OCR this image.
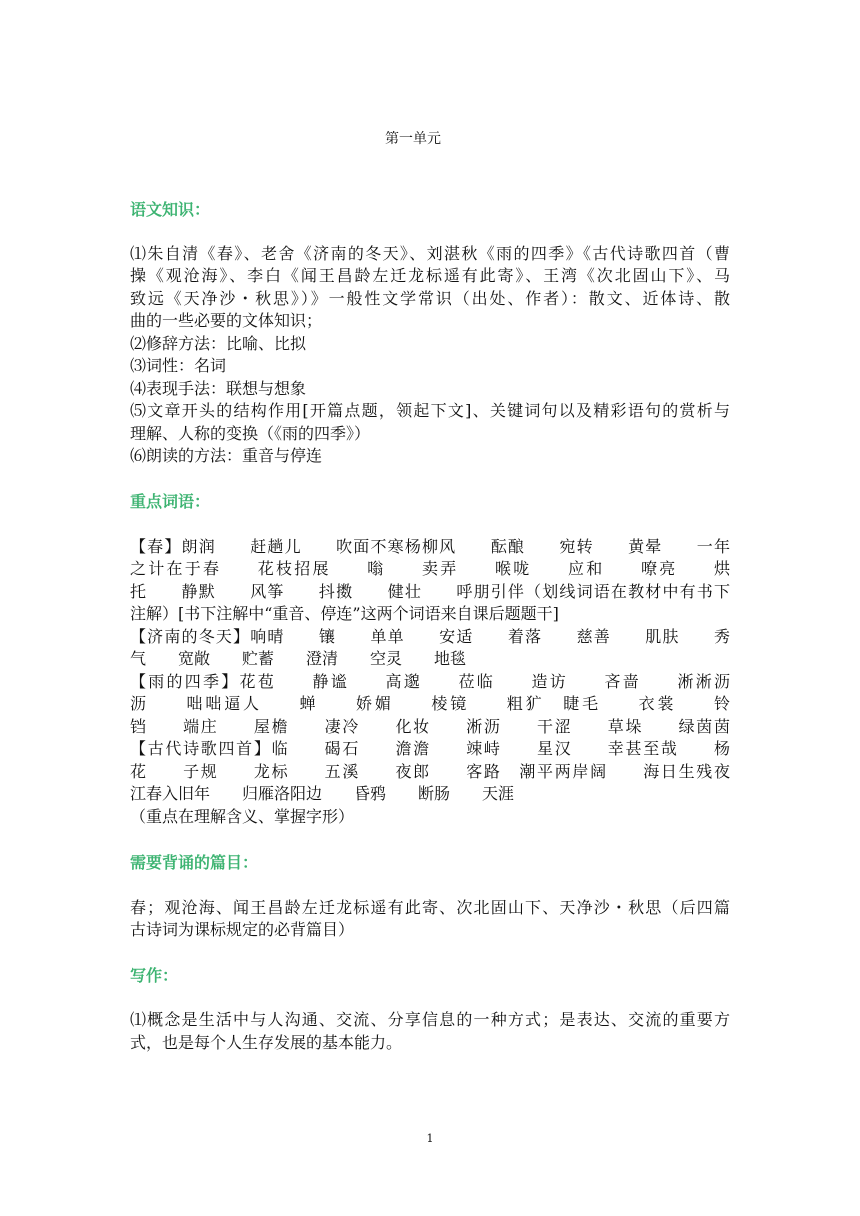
第一单元
语文知识：
⑴朱自清《春》、老舍《济南的冬天》、刘湛秋《雨的四季》《古代诗歌四首（曹
操《观沧海》、李白《闻王昌龄左迁龙标遥有此寄》、王湾《次北固山下》、马
致远《天净沙・秋思》）》一般性文学常识（出处、作者）：散文、近体诗、散
曲的一些必要的文体知识；
⑵修辞方法：比喻、比拟
⑶词性：名词
⑷表现手法：联想与想象
⑸文章开头的结构作用[开篇点题，领起下文]、关键词句以及精彩语句的赏析与
理解、人称的变换（《雨的四季》）
⑹朗读的方法：重音与停连
重点词语：
【春】朗润　　赶趟儿　　吹面不寒杨柳风　　酝酿　　宛转　　黄晕　　一年
之计在于春　　花枝招展　　嗡　　卖弄　　喉咙　　应和　　嘹亮　　烘
托　　静默　　风筝　　抖擞　　健壮　　呼朋引伴（划线词语在教材中有书下
注解）[书下注解中“重音、停连”这两个词语来自课后题题干]
【济南的冬天】响晴　　镶　　单单　　安适　　着落　　慈善　　肌肤　　秀
气　　宽敞　　贮蓄　　澄清　　空灵　　地毯
【雨的四季】花苞　　静谧　　高邈　　莅临　　造访　　吝啬　　淅淅沥
沥　　咄咄逼人　　蝉　　娇媚　　棱镜　　粗犷　睫毛　　衣裳　　铃
铛　　端庄　　屋檐　　凄冷　　化妆　　淅沥　　干涩　　草垛　　绿茵茵
【古代诗歌四首】临　　碣石　　澹澹　　竦峙　　星汉　　幸甚至哉　　杨
花　　子规　　龙标　　五溪　　夜郎　　客路　潮平两岸阔　　海日生残夜
江春入旧年　　归雁洛阳边　　昏鸦　　断肠　　天涯
（重点在理解含义、掌握字形）
需要背诵的篇目：
春；观沧海、闻王昌龄左迁龙标遥有此寄、次北固山下、天净沙・秋思（后四篇
古诗词为课标规定的必背篇目）
写作：
⑴概念是生活中与人沟通、交流、分享信息的一种方式；是表达、交流的重要方
式，也是每个人生存发展的基本能力。
1
